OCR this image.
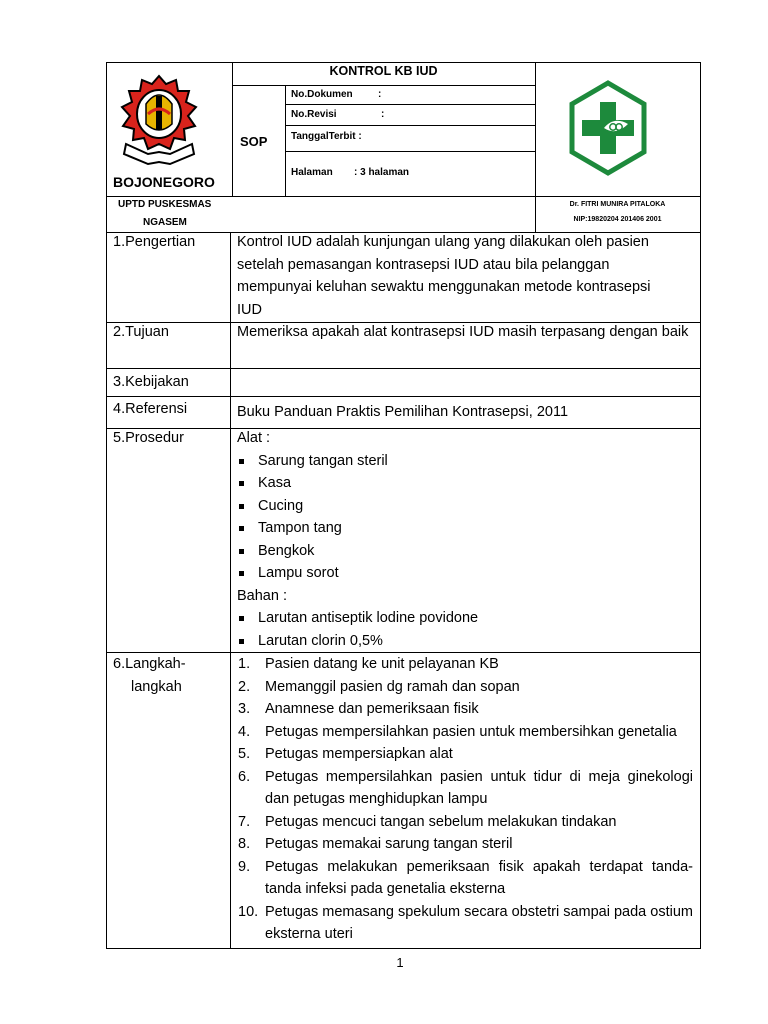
BOJONEGORO
KONTROL KB IUD
SOP
No.Dokumen	:
No.Revisi	:
TanggalTerbit :
Halaman : 3 halaman
UPTD PUSKESMAS
NGASEM
Dr. FITRI MUNIRA PITALOKA
NIP:19820204 201406 2001
1.Pengertian	Kontrol IUD adalah kunjungan ulang yang dilakukan oleh pasien setelah pemasangan kontrasepsi IUD atau bila pelanggan mempunyai keluhan sewaktu menggunakan metode kontrasepsi IUD
2.Tujuan	Memeriksa apakah alat kontrasepsi IUD masih terpasang dengan baik
3.Kebijakan
4.Referensi	Buku Panduan Praktis Pemilihan Kontrasepsi, 2011
5.Prosedur	Alat :
Sarung tangan steril
Kasa
Cucing
Tampon tang
Bengkok
Lampu sorot
Bahan :
Larutan antiseptik lodine povidone
Larutan clorin 0,5%
6.Langkah-
langkah
1.	Pasien datang ke unit pelayanan KB
2.	Memanggil pasien dg ramah dan sopan
3.	Anamnese dan pemeriksaan fisik
4.	Petugas mempersilahkan pasien untuk membersihkan genetalia
5.	Petugas mempersiapkan alat
6.	Petugas mempersilahkan pasien untuk tidur di meja ginekologi dan petugas menghidupkan lampu
7.	Petugas mencuci tangan sebelum melakukan tindakan
8.	Petugas memakai sarung tangan steril
9.	Petugas melakukan pemeriksaan fisik apakah terdapat tanda-tanda infeksi pada genetalia eksterna
10. Petugas memasang spekulum secara obstetri sampai pada ostium eksterna uteri
1
